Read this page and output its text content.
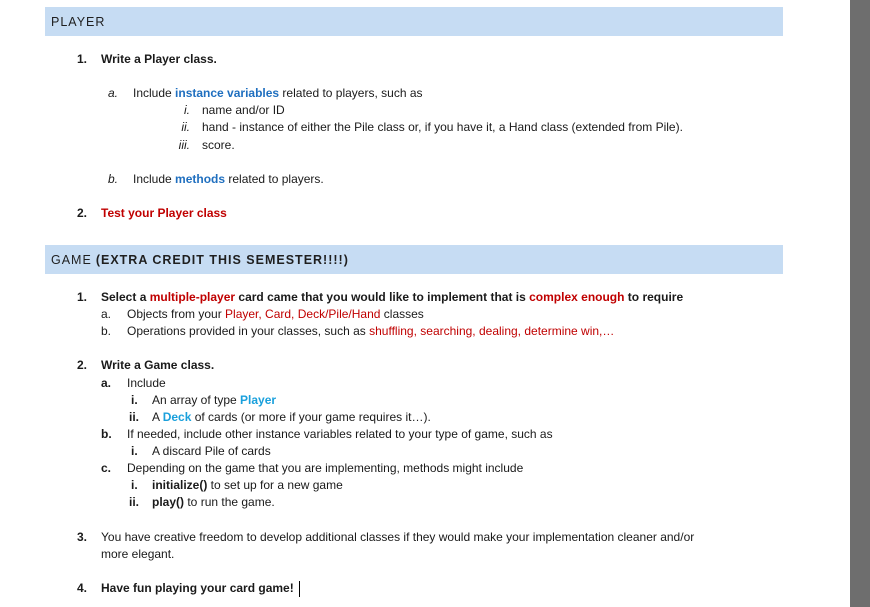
PLAYER
1. Write a Player class.
a. Include instance variables related to players, such as
i. name and/or ID
ii. hand - instance of either the Pile class or, if you have it, a Hand class (extended from Pile).
iii. score.
b. Include methods related to players.
2. Test your Player class
GAME (EXTRA CREDIT THIS SEMESTER!!!!)
1. Select a multiple-player card came that you would like to implement that is complex enough to require
a. Objects from your Player, Card, Deck/Pile/Hand classes
b. Operations provided in your classes, such as shuffling, searching, dealing, determine win,…
2. Write a Game class.
a. Include
i. An array of type Player
ii. A Deck of cards (or more if your game requires it…).
b. If needed, include other instance variables related to your type of game, such as
i. A discard Pile of cards
c. Depending on the game that you are implementing, methods might include
i. initialize() to set up for a new game
ii. play() to run the game.
3. You have creative freedom to develop additional classes if they would make your implementation cleaner and/or
more elegant.
4. Have fun playing your card game!
